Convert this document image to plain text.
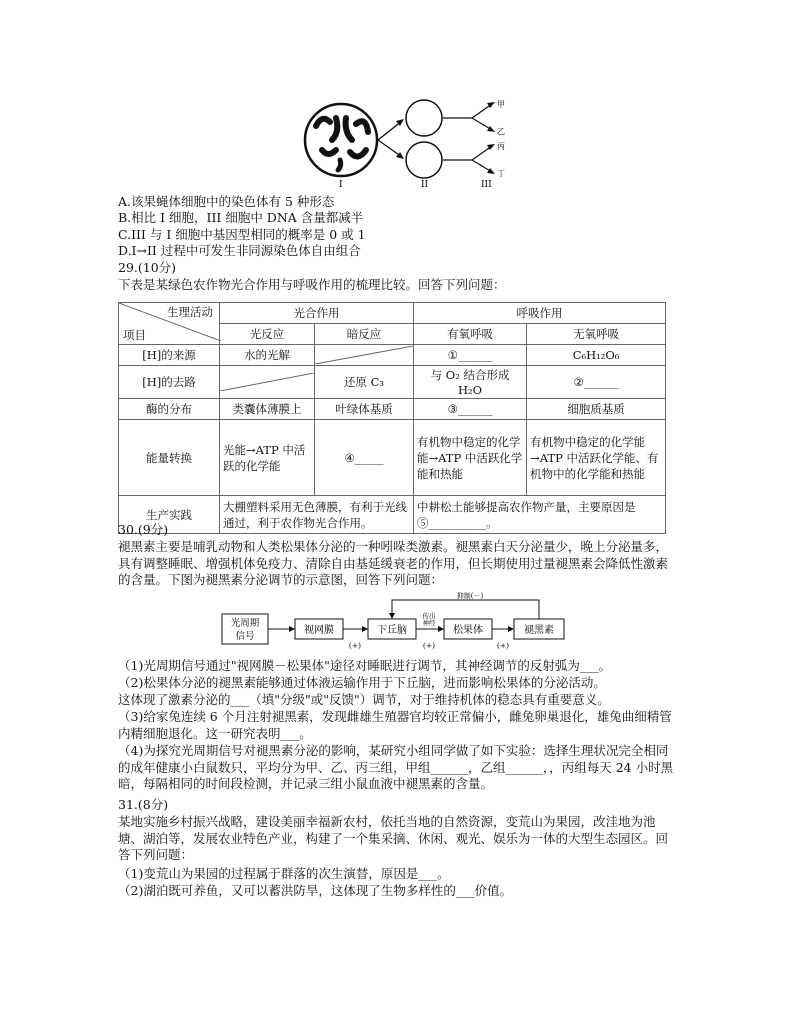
I	II
甲
乙
丙
丁
III
A.该果蝇体细胞中的染色体有 5 种形态
B.相比 I 细胞，III 细胞中 DNA 含量都减半
C.III 与 I 细胞中基因型相同的概率是 0 或 1
D.I→II 过程中可发生非同源染色体自由组合
29.(10分)
下表是某绿色农作物光合作用与呼吸作用的梳理比较。回答下列问题：
生理活动
项目	光合作用		呼吸作用	
	光反应	暗反应	有氧呼吸	无氧呼吸
[H]的来源	水的光解		①______	C₆H₁₂O₆
[H]的去路		还原 C₃	与 O₂ 结合形成 H₂O	②______
酶的分布	类囊体薄膜上	叶绿体基质	③______	细胞质基质
能量转换	光能→ATP 中活跃的化学能	④_____	有机物中稳定的化学能→ATP 中活跃化学能和热能	有机物中稳定的化学能→ATP 中活跃化学能、有机物中的化学能和热能
生产实践	大棚塑料采用无色薄膜，有利于光线通过，利于农作物光合作用。		中耕松土能够提高农作物产量，主要原因是⑤__________。	
30.(9分)
褪黑素主要是哺乳动物和人类松果体分泌的一种吲哚类激素。褪黑素白天分泌量少，晚上分泌量多，具有调整睡眠、增强机体免疫力、清除自由基延缓衰老的作用，但长期使用过量褪黑素会降低性激素的含量。下图为褪黑素分泌调节的示意图，回答下列问题：
光周期
信号
视网膜	下丘脑	松果体	褪黑素
(+)	(+)	(+)
传出
神经
抑制(－)
（1)光周期信号通过"视网膜－松果体"途径对睡眠进行调节，其神经调节的反射弧为___。
（2)松果体分泌的褪黑素能够通过体液运输作用于下丘脑，进而影响松果体的分泌活动。
这体现了激素分泌的___（填"分级"或"反馈"）调节，对于维持机体的稳态具有重要意义。
（3)给家兔连续 6 个月注射褪黑素，发现雌雄生殖器官均较正常偏小，雌兔卵巢退化，雄兔曲细精管内精细胞退化。这一研究表明___。
（4)为探究光周期信号对褪黑素分泌的影响，某研究小组同学做了如下实验：选择生理状况完全相同的成年健康小白鼠数只，平均分为甲、乙、丙三组，甲组______，乙组______，，丙组每天 24 小时黑暗，每隔相同的时间段检测，并记录三组小鼠血液中褪黑素的含量。
31.(8分)
某地实施乡村振兴战略，建设美丽幸福新农村，依托当地的自然资源，变荒山为果园，改洼地为池塘、湖泊等，发展农业特色产业，构建了一个集采摘、休闲、观光、娱乐为一体的大型生态园区。回答下列问题：
（1)变荒山为果园的过程属于群落的次生演替，原因是___。
（2)湖泊既可养鱼，又可以蓄洪防旱，这体现了生物多样性的___价值。
